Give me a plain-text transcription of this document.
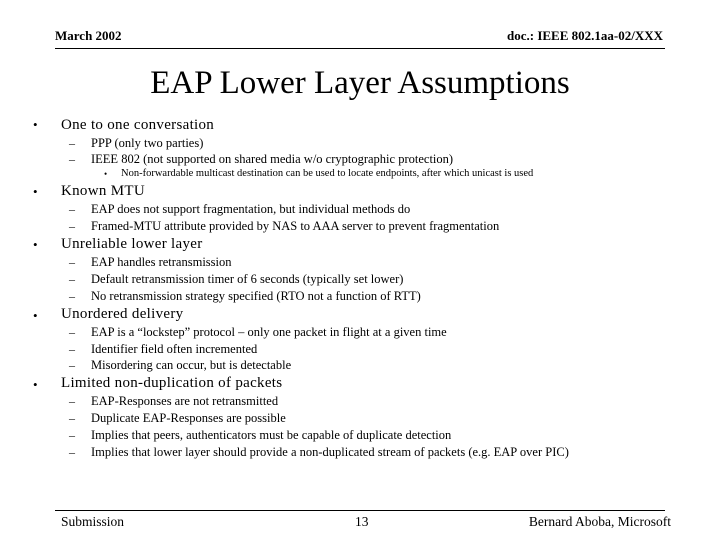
March 2002	doc.: IEEE 802.1aa-02/XXX
EAP Lower Layer Assumptions
• One to one conversation
– PPP (only two parties)
– IEEE 802 (not supported on shared media w/o cryptographic protection)
• Non-forwardable multicast destination can be used to locate endpoints, after which unicast is used
• Known MTU
– EAP does not support fragmentation, but individual methods do
– Framed-MTU attribute provided by NAS to AAA server to prevent fragmentation
• Unreliable lower layer
– EAP handles retransmission
– Default retransmission timer of 6 seconds (typically set lower)
– No retransmission strategy specified (RTO not a function of RTT)
• Unordered delivery
– EAP is a “lockstep” protocol – only one packet in flight at a given time
– Identifier field often incremented
– Misordering can occur, but is detectable
• Limited non-duplication of packets
– EAP-Responses are not retransmitted
– Duplicate EAP-Responses are possible
– Implies that peers, authenticators must be capable of duplicate detection
– Implies that lower layer should provide a non-duplicated stream of packets (e.g. EAP over PIC)
Submission	13	Bernard Aboba, Microsoft
